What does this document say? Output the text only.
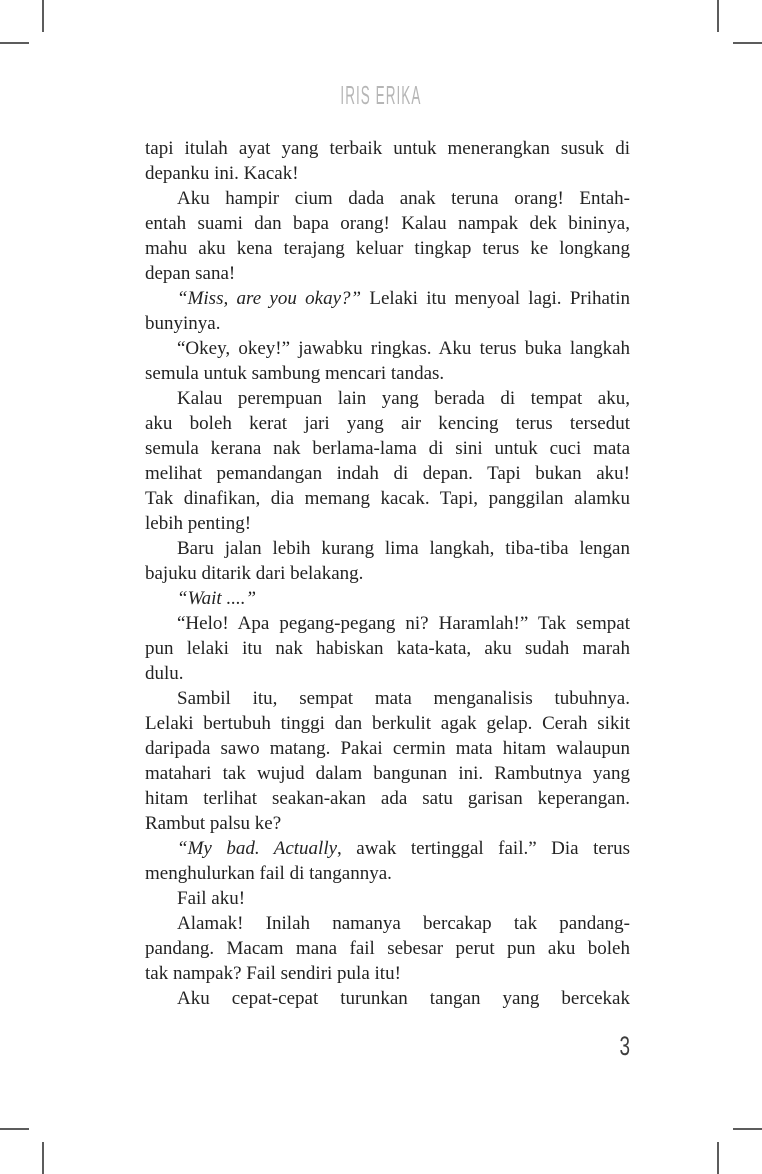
IRIS ERIKA
tapi itulah ayat yang terbaik untuk menerangkan susuk di
depanku ini. Kacak!
Aku hampir cium dada anak teruna orang! Entah-
entah suami dan bapa orang! Kalau nampak dek bininya,
mahu aku kena terajang keluar tingkap terus ke longkang
depan sana!
“Miss, are you okay?” Lelaki itu menyoal lagi. Prihatin
bunyinya.
“Okey, okey!” jawabku ringkas. Aku terus buka langkah
semula untuk sambung mencari tandas.
Kalau perempuan lain yang berada di tempat aku,
aku boleh kerat jari yang air kencing terus tersedut
semula kerana nak berlama-lama di sini untuk cuci mata
melihat pemandangan indah di depan. Tapi bukan aku!
Tak dinafikan, dia memang kacak. Tapi, panggilan alamku
lebih penting!
Baru jalan lebih kurang lima langkah, tiba-tiba lengan
bajuku ditarik dari belakang.
“Wait ....”
“Helo! Apa pegang-pegang ni? Haramlah!” Tak sempat
pun lelaki itu nak habiskan kata-kata, aku sudah marah
dulu.
Sambil itu, sempat mata menganalisis tubuhnya.
Lelaki bertubuh tinggi dan berkulit agak gelap. Cerah sikit
daripada sawo matang. Pakai cermin mata hitam walaupun
matahari tak wujud dalam bangunan ini. Rambutnya yang
hitam terlihat seakan-akan ada satu garisan keperangan.
Rambut palsu ke?
“My bad. Actually, awak tertinggal fail.” Dia terus
menghulurkan fail di tangannya.
Fail aku!
Alamak! Inilah namanya bercakap tak pandang-
pandang. Macam mana fail sebesar perut pun aku boleh
tak nampak? Fail sendiri pula itu!
Aku cepat-cepat turunkan tangan yang bercekak
3
